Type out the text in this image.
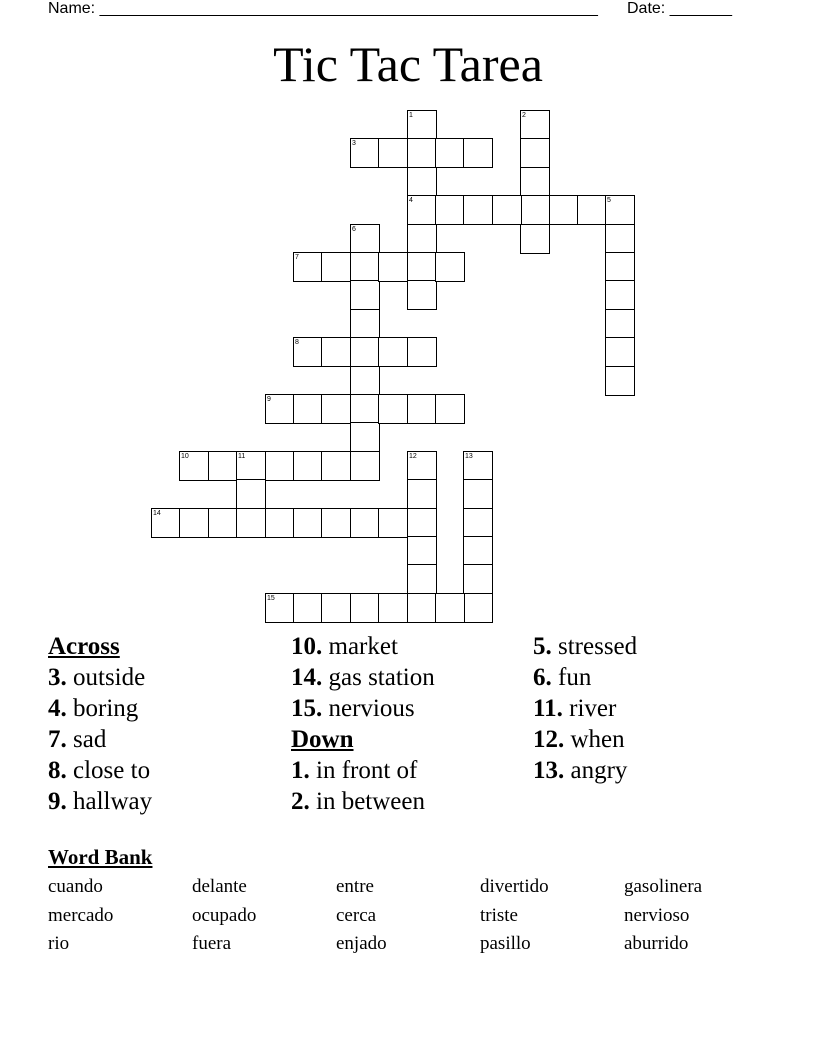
Name: ________________________________________________________ Date: _______
Tic Tac Tarea
1
4
2
3
5
6
7
8
9
10	11	12	13
14
15
Across
3. outside
4. boring
7. sad
8. close to
9. hallway
10. market
14. gas station
15. nervious
Down
1. in front of
2. in between
5. stressed
6. fun
11. river
12. when
13. angry
Word Bank
cuando	delante	entre	divertido	gasolinera
mercado	ocupado	cerca	triste	nervioso
rio	fuera	enjado	pasillo	aburrido
